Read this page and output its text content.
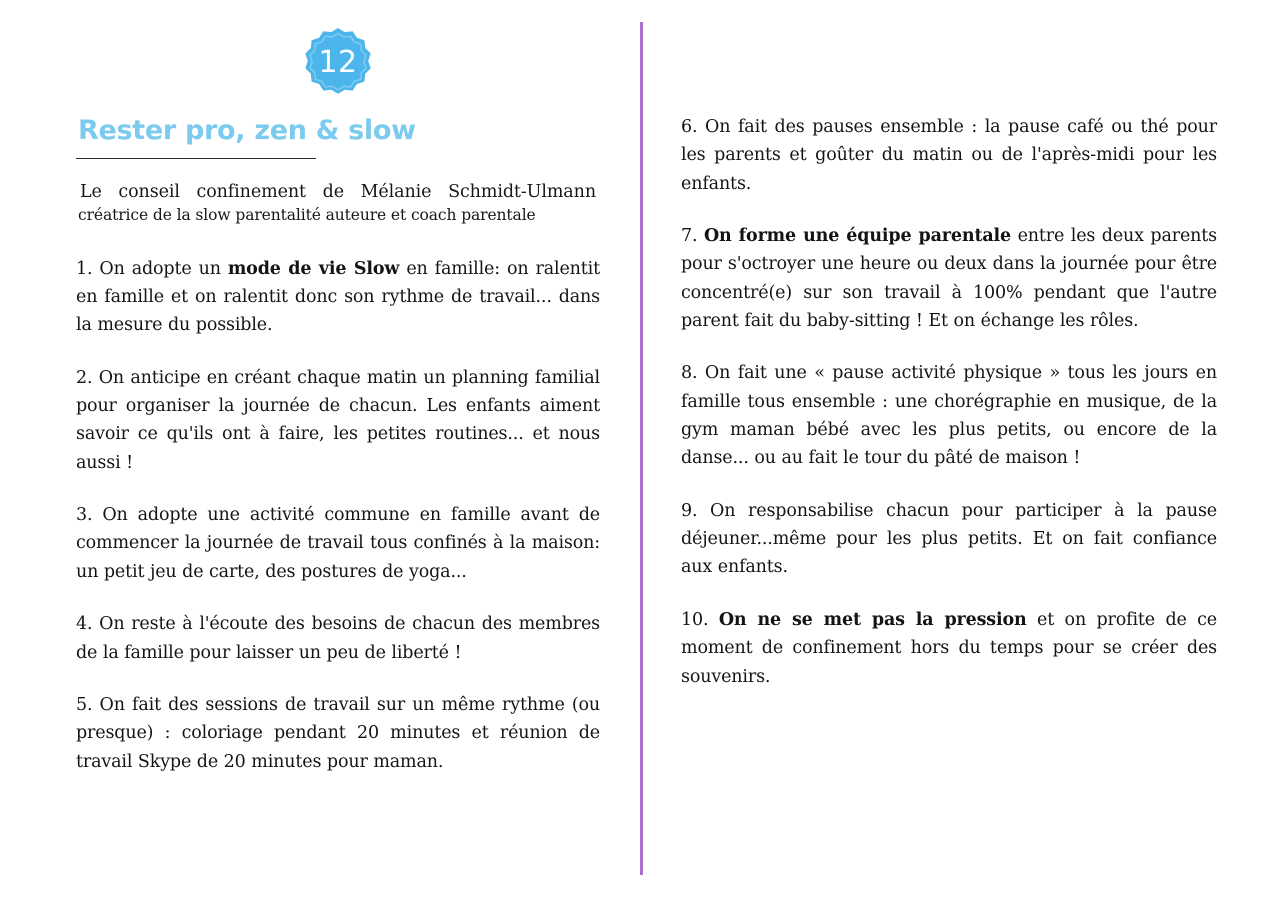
12
Rester pro, zen & slow

Le conseil confinement de Mélanie Schmidt-Ulmann

créatrice de la slow parentalité auteure et coach parentale

1. On adopte un mode de vie Slow en famille: on ralentit en famille et on ralentit donc son rythme de travail... dans la mesure du possible.

2. On anticipe en créant chaque matin un planning familial pour organiser la journée de chacun. Les enfants aiment savoir ce qu'ils ont à faire, les petites routines... et nous aussi !

3. On adopte une activité commune en famille avant de commencer la journée de travail tous confinés à la maison: un petit jeu de carte, des postures de yoga...

4. On reste à l'écoute des besoins de chacun des membres de la famille pour laisser un peu de liberté !

5. On fait des sessions de travail sur un même rythme (ou presque) : coloriage pendant 20 minutes et réunion de travail Skype de 20 minutes pour maman.

6. On fait des pauses ensemble : la pause café ou thé pour les parents et goûter du matin ou de l'après-midi pour les enfants.

7. On forme une équipe parentale entre les deux parents pour s'octroyer une heure ou deux dans la journée pour être concentré(e) sur son travail à 100% pendant que l'autre parent fait du baby-sitting ! Et on échange les rôles.

8. On fait une « pause activité physique » tous les jours en famille tous ensemble : une chorégraphie en musique, de la gym maman bébé avec les plus petits, ou encore de la danse... ou au fait le tour du pâté de maison !

9. On responsabilise chacun pour participer à la pause déjeuner...même pour les plus petits. Et on fait confiance aux enfants.

10. On ne se met pas la pression et on profite de ce moment de confinement hors du temps pour se créer des souvenirs.
